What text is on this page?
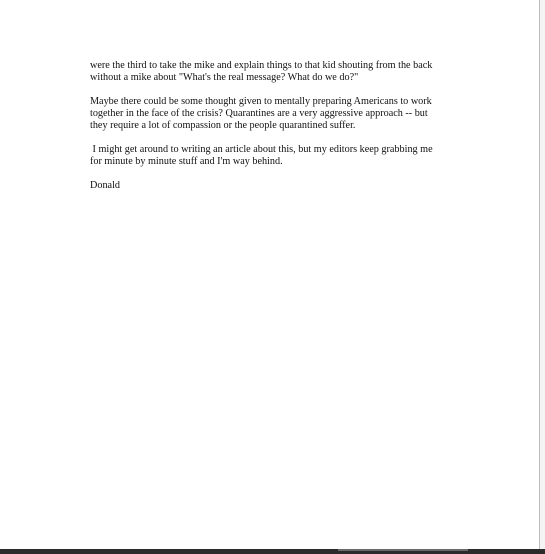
were the third to take the mike and explain things to that kid shouting from the back
without a mike about "What's the real message? What do we do?"

Maybe there could be some thought given to mentally preparing Americans to work
together in the face of the crisis? Quarantines are a very aggressive approach -- but
they require a lot of compassion or the people quarantined suffer.

I might get around to writing an article about this, but my editors keep grabbing me
for minute by minute stuff and I'm way behind.

Donald
